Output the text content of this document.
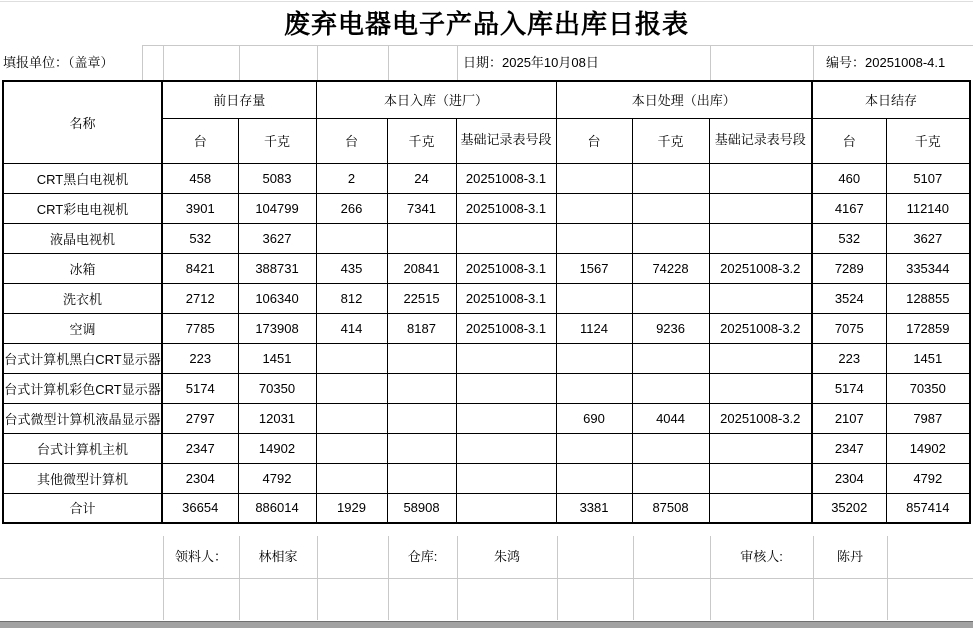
废弃电器电子产品入库出库日报表
填报单位：（盖章）	日期：2025年10月08日	编号：20251008-4.1
名称	前日存量		本日入库（进厂）			本日处理（出库）			本日结存	
	台	千克	台	千克	基础记录表号段	台	千克	基础记录表号段	台	千克
CRT黑白电视机	458	5083	2	24	20251008-3.1				460	5107
CRT彩电电视机	3901	104799	266	7341	20251008-3.1				4167	112140
液晶电视机	532	3627							532	3627
冰箱	8421	388731	435	20841	20251008-3.1	1567	74228	20251008-3.2	7289	335344
洗衣机	2712	106340	812	22515	20251008-3.1				3524	128855
空调	7785	173908	414	8187	20251008-3.1	1124	9236	20251008-3.2	7075	172859
台式计算机黑白CRT显示器	223	1451							223	1451
台式计算机彩色CRT显示器	5174	70350							5174	70350
台式微型计算机液晶显示器	2797	12031				690	4044	20251008-3.2	2107	7987
台式计算机主机	2347	14902							2347	14902
其他微型计算机	2304	4792							2304	4792
合计	36654	886014	1929	58908		3381	87508		35202	857414
领料人：	林相家	仓库:	朱鸿	审核人:	陈丹
